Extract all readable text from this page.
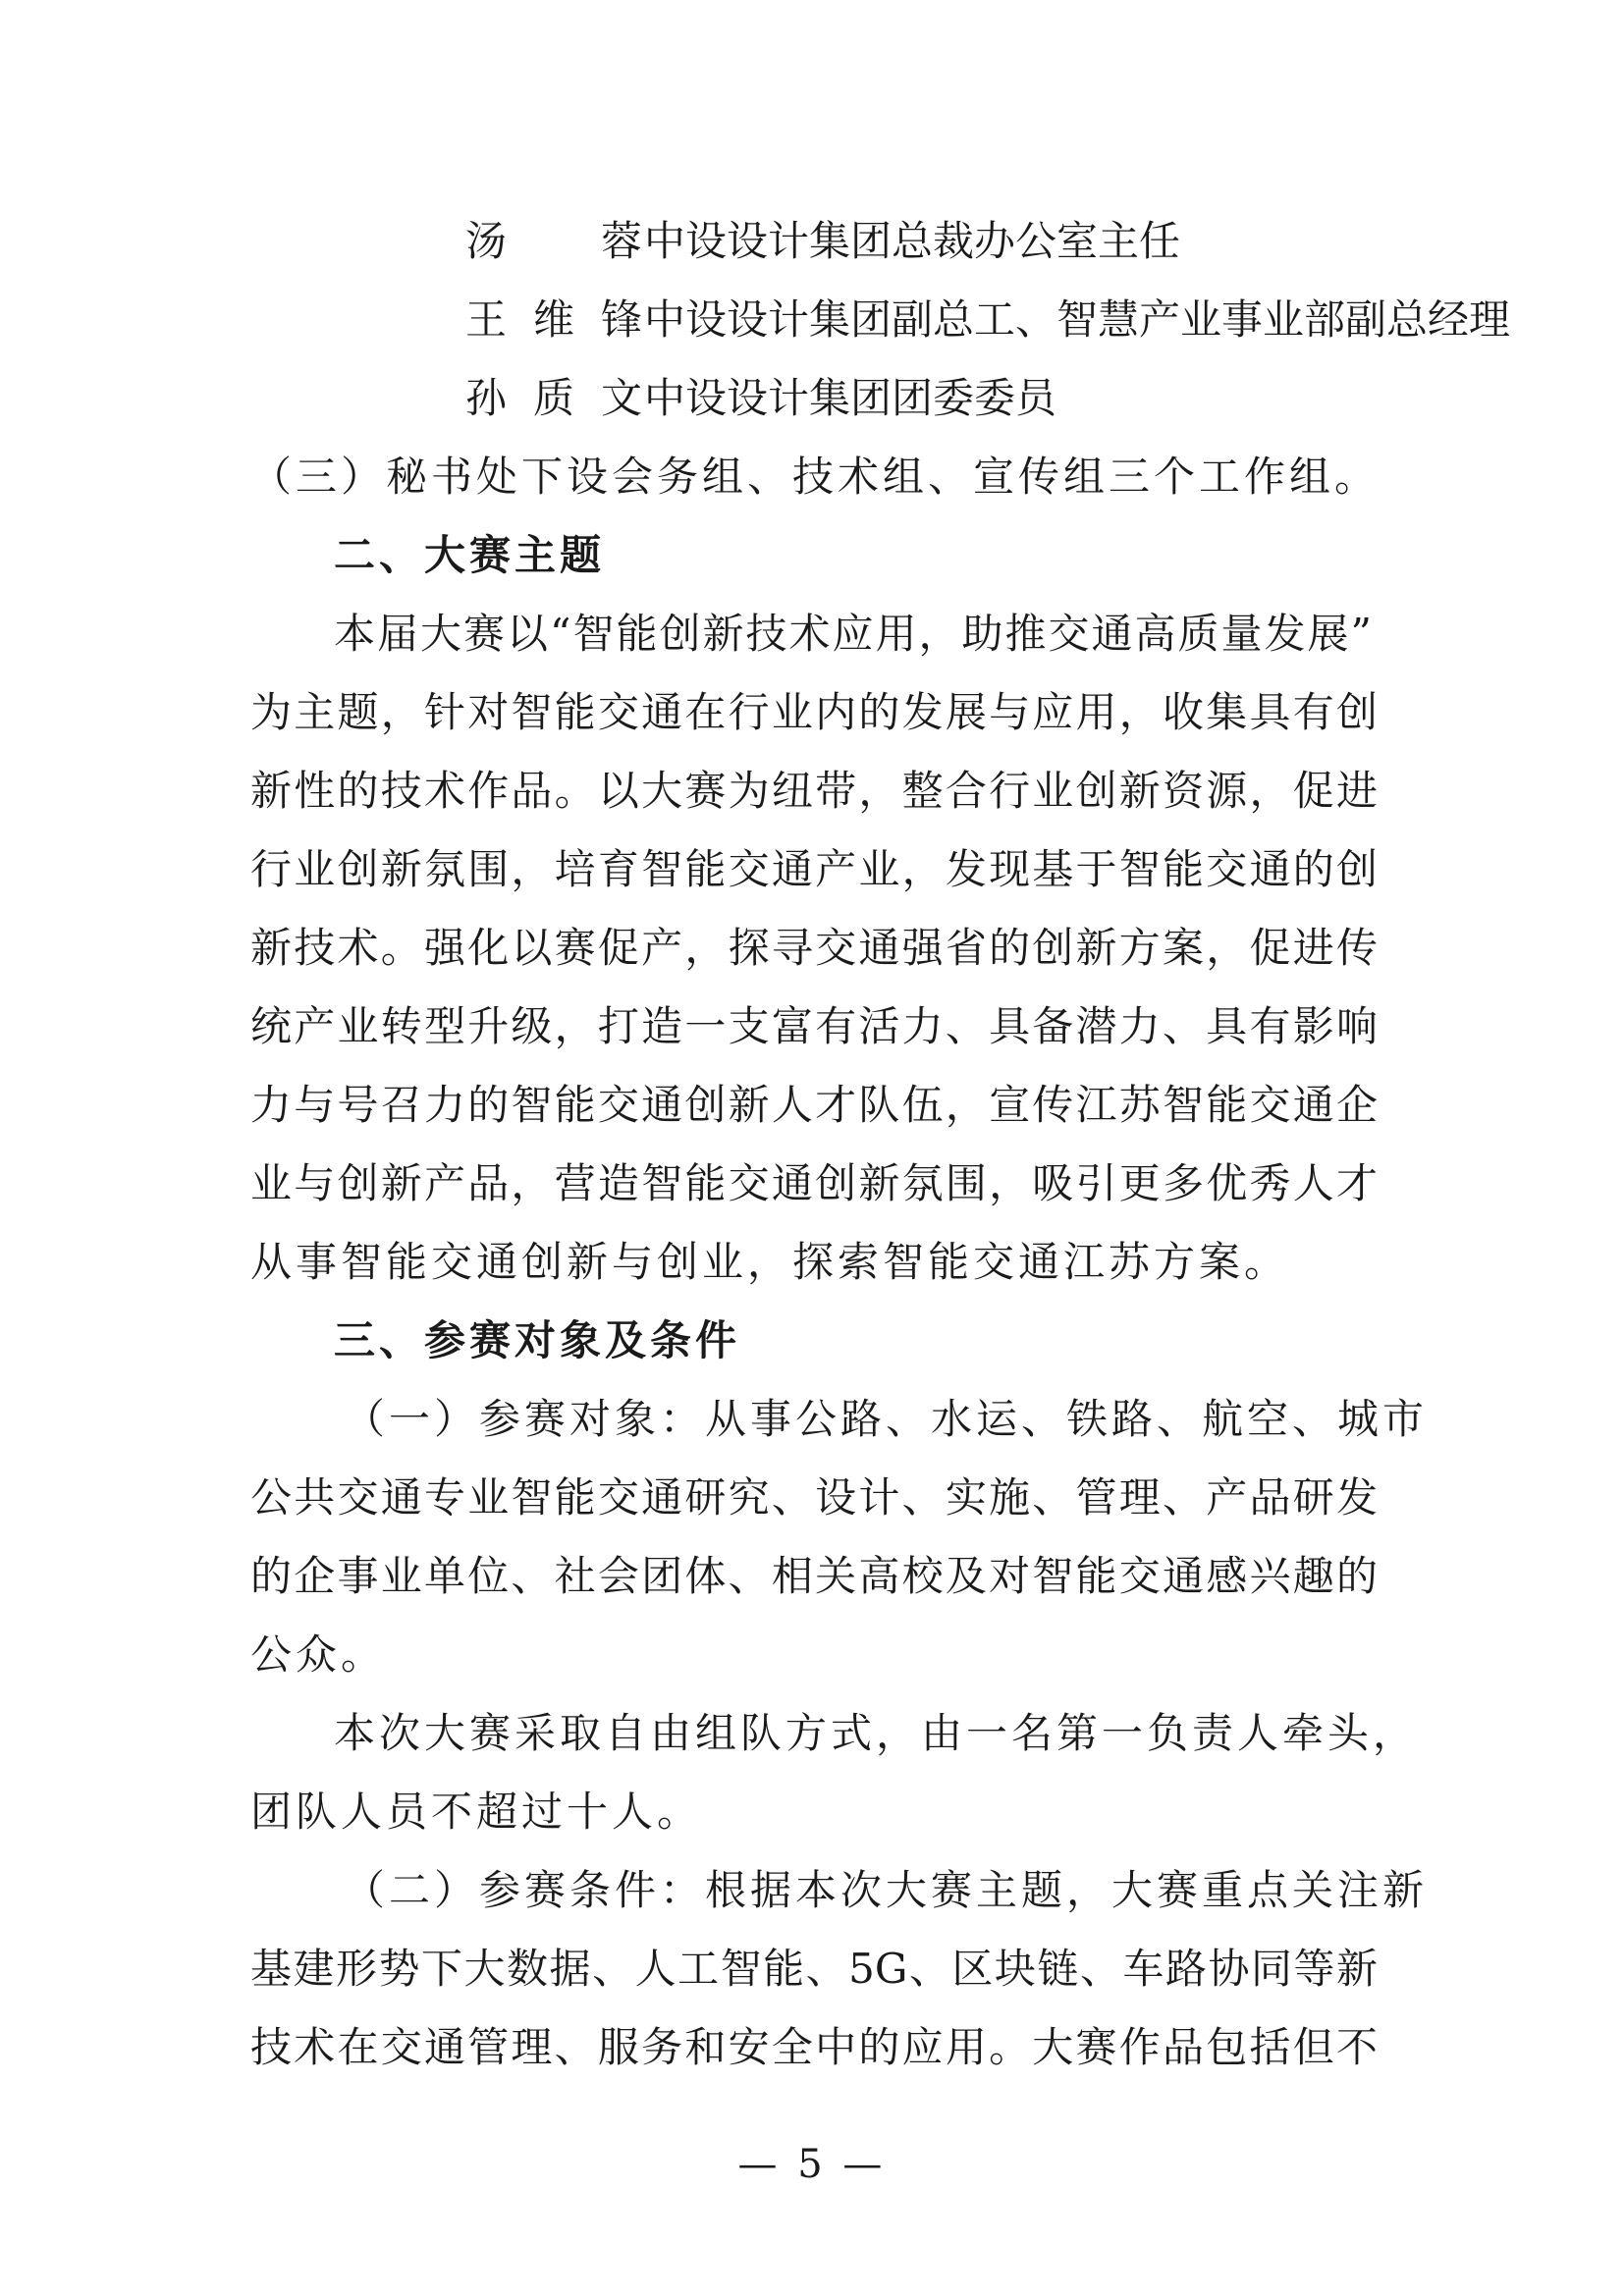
汤　蓉中设设计集团总裁办公室主任
王维锋中设设计集团副总工、智慧产业事业部副总经理
孙质文中设设计集团团委委员
（三）秘书处下设会务组、技术组、宣传组三个工作组。
二、大赛主题
本届大赛以“智能创新技术应用，助推交通高质量发展”
为主题，针对智能交通在行业内的发展与应用，收集具有创
新性的技术作品。以大赛为纽带，整合行业创新资源，促进
行业创新氛围，培育智能交通产业，发现基于智能交通的创
新技术。强化以赛促产，探寻交通强省的创新方案，促进传
统产业转型升级，打造一支富有活力、具备潜力、具有影响
力与号召力的智能交通创新人才队伍，宣传江苏智能交通企
业与创新产品，营造智能交通创新氛围，吸引更多优秀人才
从事智能交通创新与创业，探索智能交通江苏方案。
三、参赛对象及条件
（一）参赛对象：从事公路、水运、铁路、航空、城市
公共交通专业智能交通研究、设计、实施、管理、产品研发
的企事业单位、社会团体、相关高校及对智能交通感兴趣的
公众。
本次大赛采取自由组队方式，由一名第一负责人牵头，
团队人员不超过十人。
（二）参赛条件：根据本次大赛主题，大赛重点关注新
基建形势下大数据、人工智能、5G、区块链、车路协同等新
技术在交通管理、服务和安全中的应用。大赛作品包括但不
— 5 —
